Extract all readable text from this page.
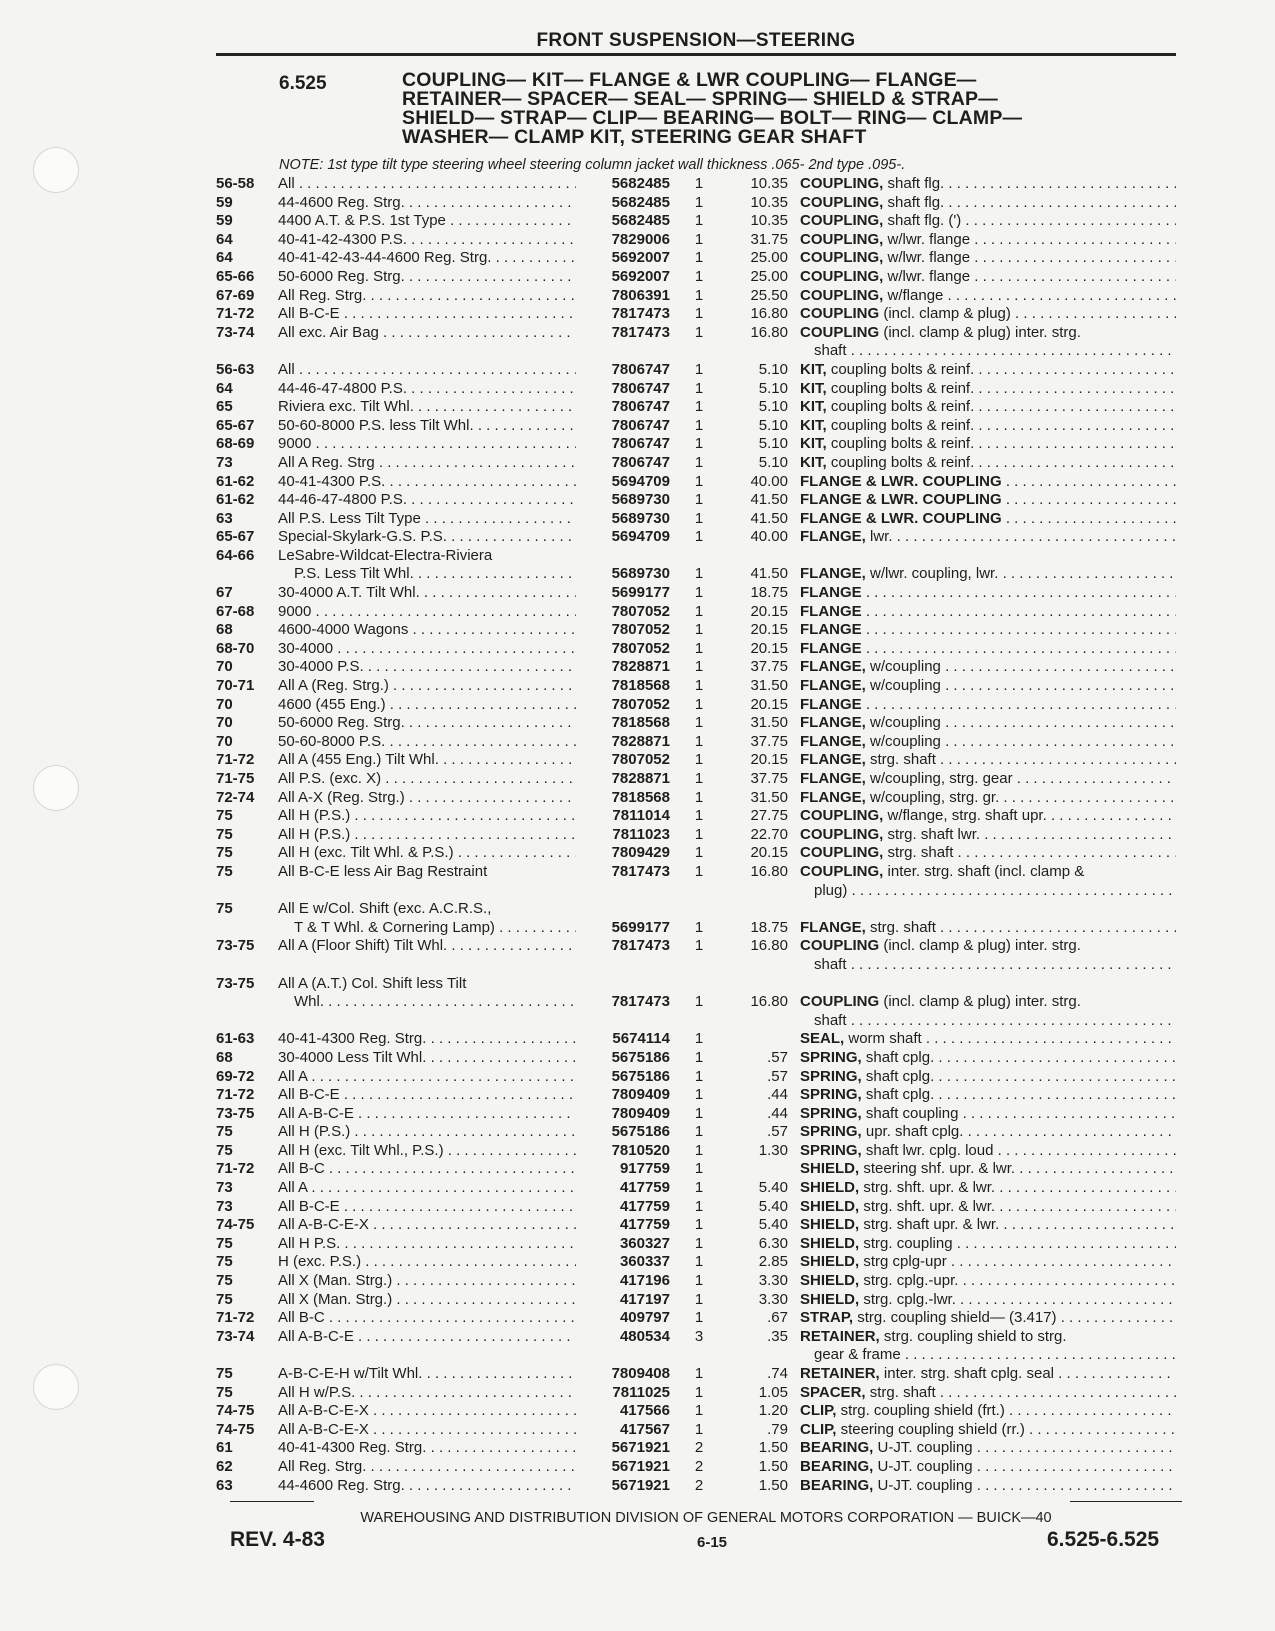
FRONT SUSPENSION—STEERING
6.525	COUPLING— KIT— FLANGE & LWR COUPLING— FLANGE—
RETAINER— SPACER— SEAL— SPRING— SHIELD & STRAP—
SHIELD— STRAP— CLIP— BEARING— BOLT— RING— CLAMP—
WASHER— CLAMP KIT, STEERING GEAR SHAFT
NOTE: 1st type tilt type steering wheel steering column jacket wall thickness .065- 2nd type .095-.
56-58	All . . .	5682485	1	10.35 COUPLING, shaft flg. . . .
59	44-4600 Reg. Strg. . . .	5682485	1	10.35 COUPLING, shaft flg. . . .
59	4400 A.T. & P.S. 1st Type . . .	5682485	1	10.35 COUPLING, shaft flg. (') . . .
64	40-41-42-4300 P.S. . . .	7829006	1	31.75 COUPLING, w/lwr. flange . . .
64	40-41-42-43-44-4600 Reg. Strg. . . .	5692007	1	25.00 COUPLING, w/lwr. flange . . .
65-66	50-6000 Reg. Strg. . . .	5692007	1	25.00 COUPLING, w/lwr. flange . . .
67-69	All Reg. Strg. . . .	7806391	1	25.50 COUPLING, w/flange . . .
71-72	All B-C-E . . .	7817473	1	16.80 COUPLING (incl. clamp & plug) . . .
73-74	All exc. Air Bag . . .	7817473	1	16.80 COUPLING (incl. clamp & plug) inter. strg.
shaft . . .
56-63	All . . .	7806747	1	5.10 KIT, coupling bolts & reinf. . . .
64	44-46-47-4800 P.S. . . .	7806747	1	5.10 KIT, coupling bolts & reinf. . . .
65	Riviera exc. Tilt Whl. . . .	7806747	1	5.10 KIT, coupling bolts & reinf. . . .
65-67	50-60-8000 P.S. less Tilt Whl. . . .	7806747	1	5.10 KIT, coupling bolts & reinf. . . .
68-69	9000 . . .	7806747	1	5.10 KIT, coupling bolts & reinf. . . .
73	All A Reg. Strg . . .	7806747	1	5.10 KIT, coupling bolts & reinf. . . .
61-62	40-41-4300 P.S. . . .	5694709	1	40.00 FLANGE & LWR. COUPLING . . .
61-62	44-46-47-4800 P.S. . . .	5689730	1	41.50 FLANGE & LWR. COUPLING . . .
63	All P.S. Less Tilt Type . . .	5689730	1	41.50 FLANGE & LWR. COUPLING . . .
65-67	Special-Skylark-G.S. P.S. . . .	5694709	1	40.00 FLANGE, lwr. . . .
64-66	LeSabre-Wildcat-Electra-Riviera
P.S. Less Tilt Whl. . . .	5689730	1	41.50 FLANGE, w/lwr. coupling, lwr. . . .
67	30-4000 A.T. Tilt Whl. . . .	5699177	1	18.75 FLANGE . . .
67-68	9000 . . .	7807052	1	20.15 FLANGE . . .
68	4600-4000 Wagons . . .	7807052	1	20.15 FLANGE . . .
68-70	30-4000 . . .	7807052	1	20.15 FLANGE . . .
70	30-4000 P.S. . . .	7828871	1	37.75 FLANGE, w/coupling . . .
70-71	All A (Reg. Strg.) . . .	7818568	1	31.50 FLANGE, w/coupling . . .
70	4600 (455 Eng.) . . .	7807052	1	20.15 FLANGE . . .
70	50-6000 Reg. Strg. . . .	7818568	1	31.50 FLANGE, w/coupling . . .
70	50-60-8000 P.S. . . .	7828871	1	37.75 FLANGE, w/coupling . . .
71-72	All A (455 Eng.) Tilt Whl. . . .	7807052	1	20.15 FLANGE, strg. shaft . . .
71-75	All P.S. (exc. X) . . .	7828871	1	37.75 FLANGE, w/coupling, strg. gear . . .
72-74	All A-X (Reg. Strg.) . . .	7818568	1	31.50 FLANGE, w/coupling, strg. gr. . . .
75	All H (P.S.) . . .	7811014	1	27.75 COUPLING, w/flange, strg. shaft upr. . . .
75	All H (P.S.) . . .	7811023	1	22.70 COUPLING, strg. shaft lwr. . . .
75	All H (exc. Tilt Whl. & P.S.) . . .	7809429	1	20.15 COUPLING, strg. shaft . . .
75	All B-C-E less Air Bag Restraint	7817473	1	16.80 COUPLING, inter. strg. shaft (incl. clamp &
plug) . . .
75	All E w/Col. Shift (exc. A.C.R.S.,
T & T Whl. & Cornering Lamp) . . .	5699177	1	18.75 FLANGE, strg. shaft . . .
73-75	All A (Floor Shift) Tilt Whl. . . .	7817473	1	16.80 COUPLING (incl. clamp & plug) inter. strg.
shaft . . .
73-75	All A (A.T.) Col. Shift less Tilt
Whl. . . .	7817473	1	16.80 COUPLING (incl. clamp & plug) inter. strg.
shaft . . .
61-63	40-41-4300 Reg. Strg. . . .	5674114	1	SEAL, worm shaft . . .
68	30-4000 Less Tilt Whl. . . .	5675186	1	.57 SPRING, shaft cplg. . . .
69-72	All A . . .	5675186	1	.57 SPRING, shaft cplg. . . .
71-72	All B-C-E . . .	7809409	1	.44 SPRING, shaft cplg. . . .
73-75	All A-B-C-E . . .	7809409	1	.44 SPRING, shaft coupling . . .
75	All H (P.S.) . . .	5675186	1	.57 SPRING, upr. shaft cplg. . . .
75	All H (exc. Tilt Whl., P.S.) . . .	7810520	1	1.30 SPRING, shaft lwr. cplg. loud . . .
71-72	All B-C . . .	917759	1	SHIELD, steering shf. upr. & lwr. . . .
73	All A . . .	417759	1	5.40 SHIELD, strg. shft. upr. & lwr. . . .
73	All B-C-E . . .	417759	1	5.40 SHIELD, strg. shft. upr. & lwr. . . .
74-75	All A-B-C-E-X . . .	417759	1	5.40 SHIELD, strg. shaft upr. & lwr. . . .
75	All H P.S. . . .	360327	1	6.30 SHIELD, strg. coupling . . .
75	H (exc. P.S.) . . .	360337	1	2.85 SHIELD, strg cplg-upr . . .
75	All X (Man. Strg.) . . .	417196	1	3.30 SHIELD, strg. cplg.-upr. . . .
75	All X (Man. Strg.) . . .	417197	1	3.30 SHIELD, strg. cplg.-lwr. . . .
71-72	All B-C . . .	409797	1	.67 STRAP, strg. coupling shield— (3.417) . . .
73-74	All A-B-C-E . . .	480534	3	.35 RETAINER, strg. coupling shield to strg.
gear & frame . . .
75	A-B-C-E-H w/Tilt Whl. . . .	7809408	1	.74 RETAINER, inter. strg. shaft cplg. seal . . .
75	All H w/P.S. . . .	7811025	1	1.05 SPACER, strg. shaft . . .
74-75	All A-B-C-E-X . . .	417566	1	1.20 CLIP, strg. coupling shield (frt.) . . .
74-75	All A-B-C-E-X . . .	417567	1	.79 CLIP, steering coupling shield (rr.) . . .
61	40-41-4300 Reg. Strg. . . .	5671921	2	1.50 BEARING, U-JT. coupling . . .
62	All Reg. Strg. . . .	5671921	2	1.50 BEARING, U-JT. coupling . . .
63	44-4600 Reg. Strg. . . .	5671921	2	1.50 BEARING, U-JT. coupling . . .
WAREHOUSING AND DISTRIBUTION DIVISION OF GENERAL MOTORS CORPORATION — BUICK—40
REV. 4-83	6-15	6.525-6.525
